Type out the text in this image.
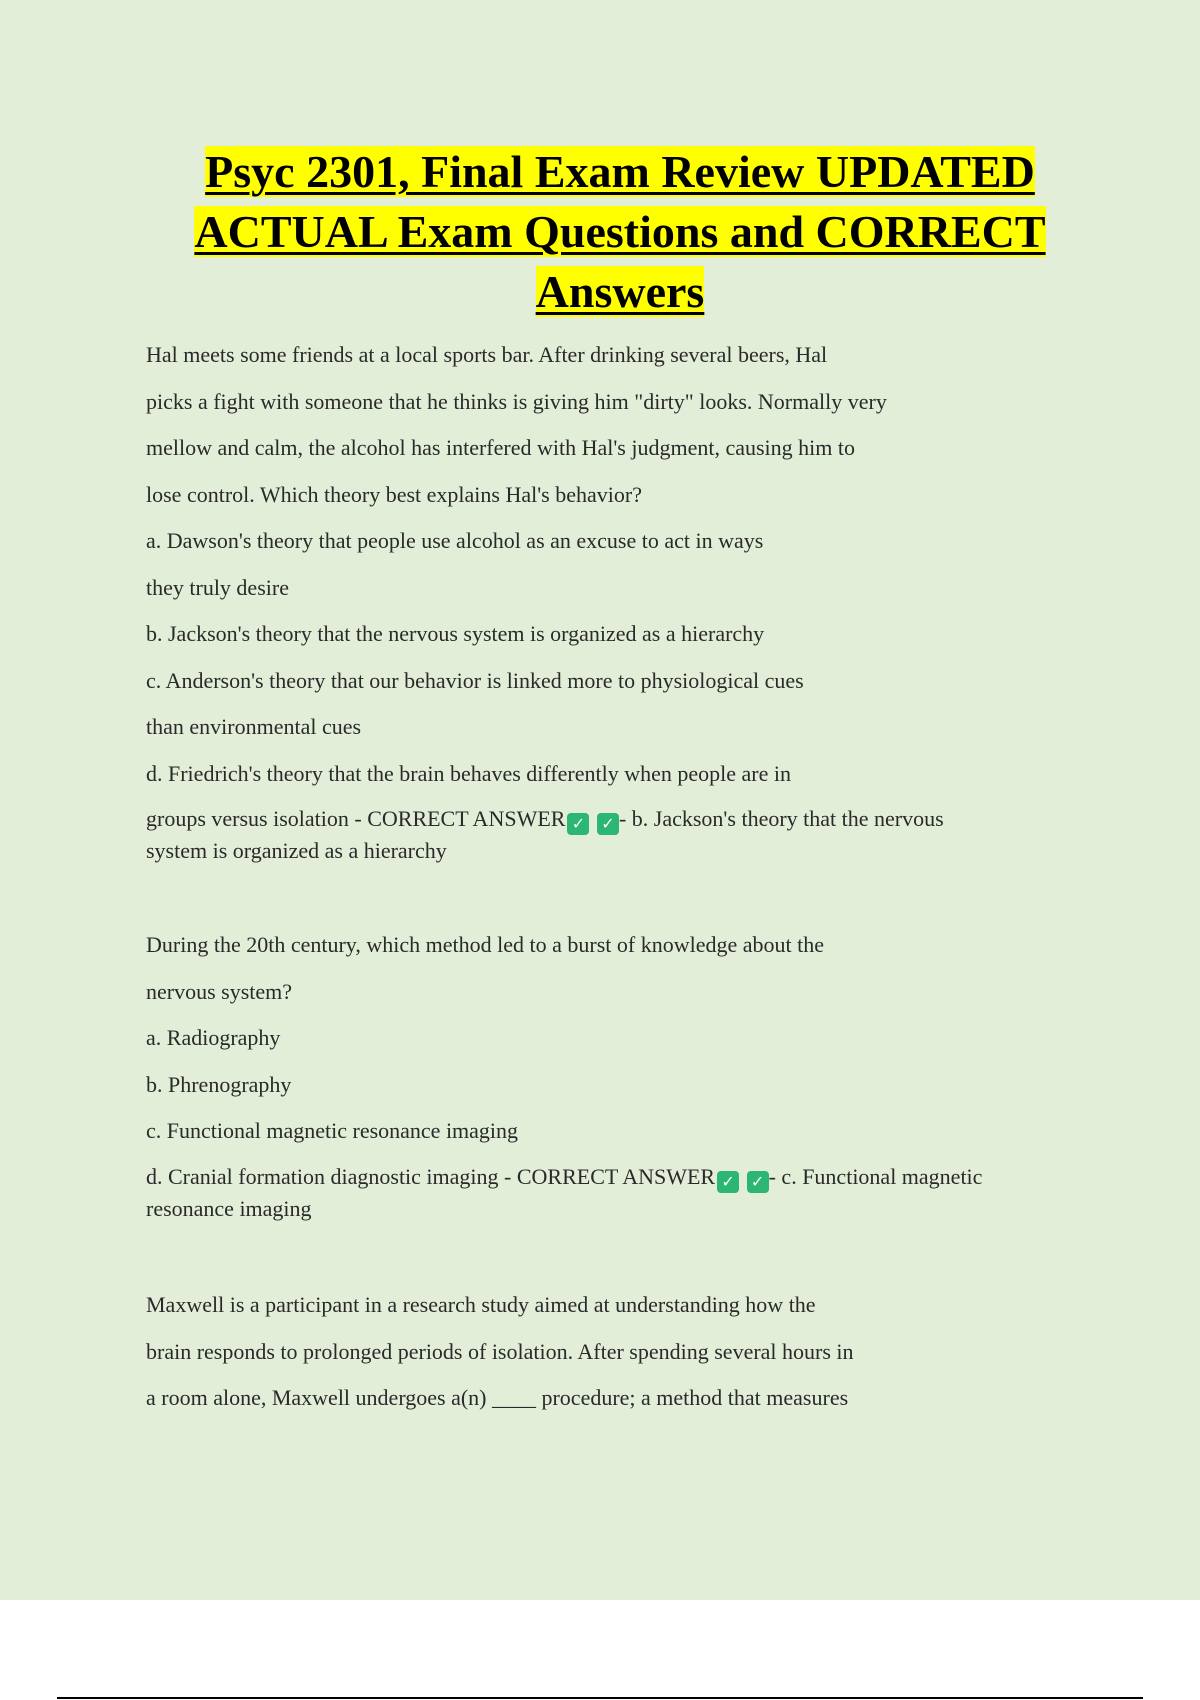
Psyc 2301, Final Exam Review UPDATED
ACTUAL Exam Questions and CORRECT
Answers
Hal meets some friends at a local sports bar. After drinking several beers, Hal
picks a fight with someone that he thinks is giving him "dirty" looks. Normally very
mellow and calm, the alcohol has interfered with Hal's judgment, causing him to
lose control. Which theory best explains Hal's behavior?
a. Dawson's theory that people use alcohol as an excuse to act in ways
they truly desire
b. Jackson's theory that the nervous system is organized as a hierarchy
c. Anderson's theory that our behavior is linked more to physiological cues
than environmental cues
d. Friedrich's theory that the brain behaves differently when people are in
groups versus isolation - CORRECT ANSWER ✓ ✓ - b. Jackson's theory that the nervous
system is organized as a hierarchy
During the 20th century, which method led to a burst of knowledge about the
nervous system?
a. Radiography
b. Phrenography
c. Functional magnetic resonance imaging
d. Cranial formation diagnostic imaging - CORRECT ANSWER ✓ ✓ - c. Functional magnetic
resonance imaging
Maxwell is a participant in a research study aimed at understanding how the
brain responds to prolonged periods of isolation. After spending several hours in
a room alone, Maxwell undergoes a(n) ____ procedure; a method that measures
